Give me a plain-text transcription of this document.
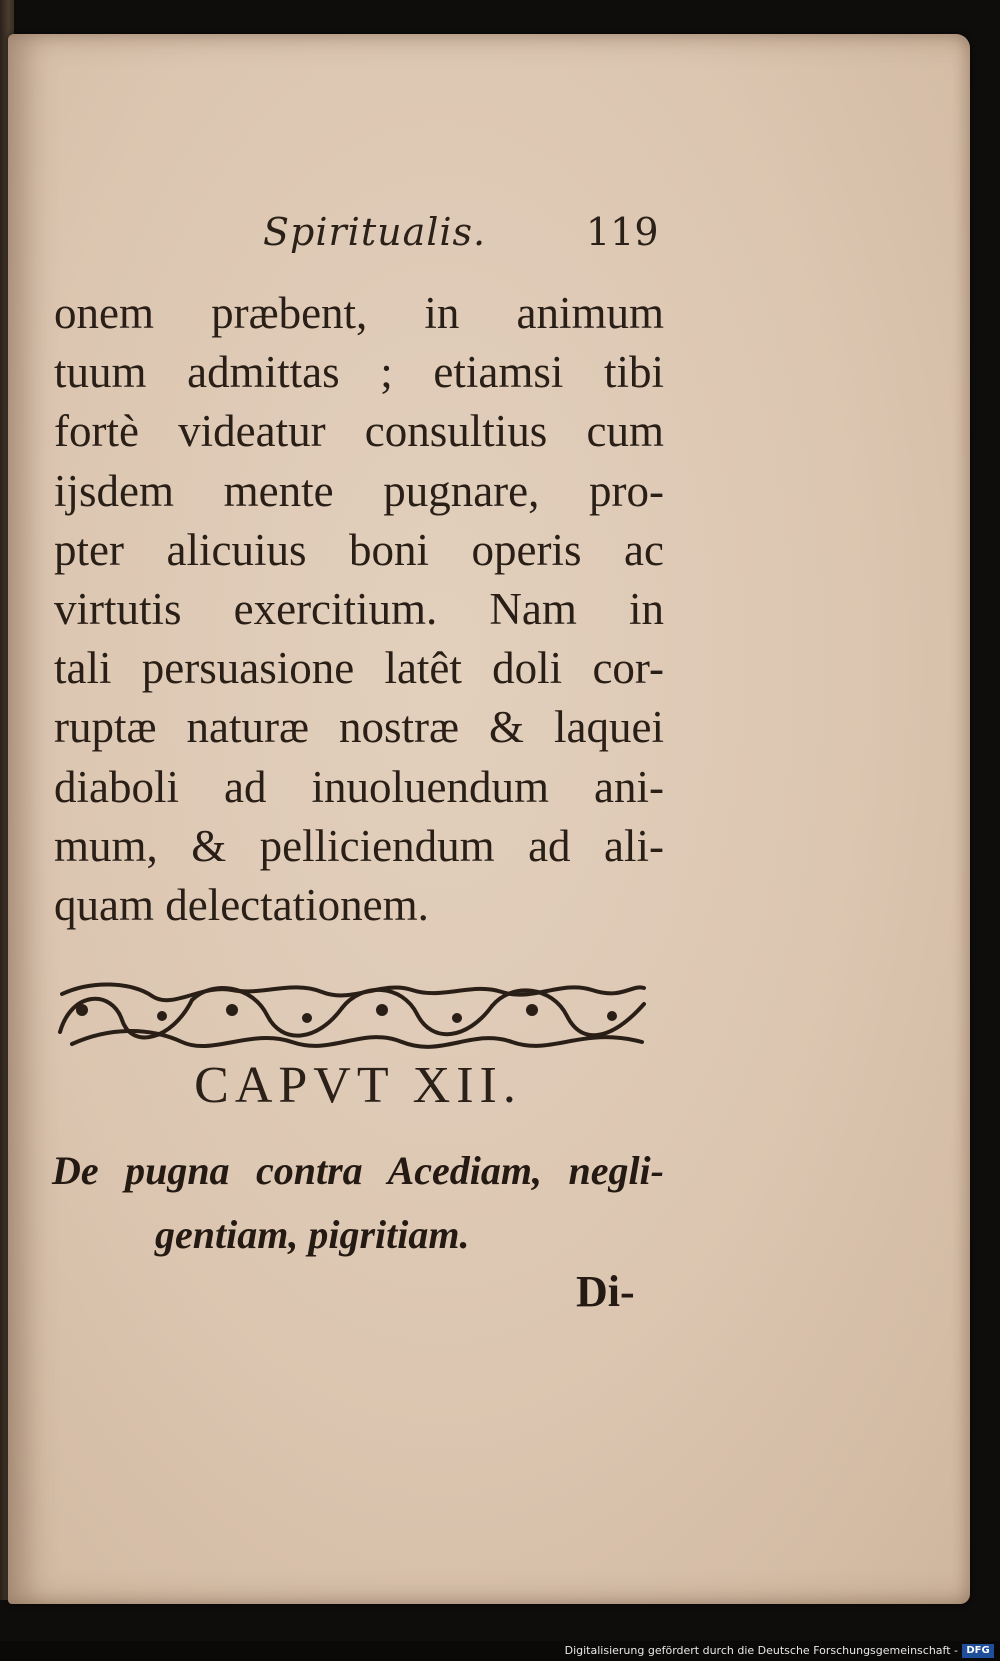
Spiritualis.	119
onem præbent, in animum
tuum admittas ; etiamsi tibi
fortè videatur consultius cum
ijsdem mente pugnare, pro-
pter alicuius boni operis ac
virtutis exercitium. Nam in
tali persuasione latêt doli cor-
ruptæ naturæ nostræ & laquei
diaboli ad inuoluendum ani-
mum, & pelliciendum ad ali-
quam delectationem.
CAPVT XII.
De pugna contra Acediam, negli-
gentiam, pigritiam.
Di-
Digitalisierung gefördert durch die Deutsche Forschungsgemeinschaft - DFG
